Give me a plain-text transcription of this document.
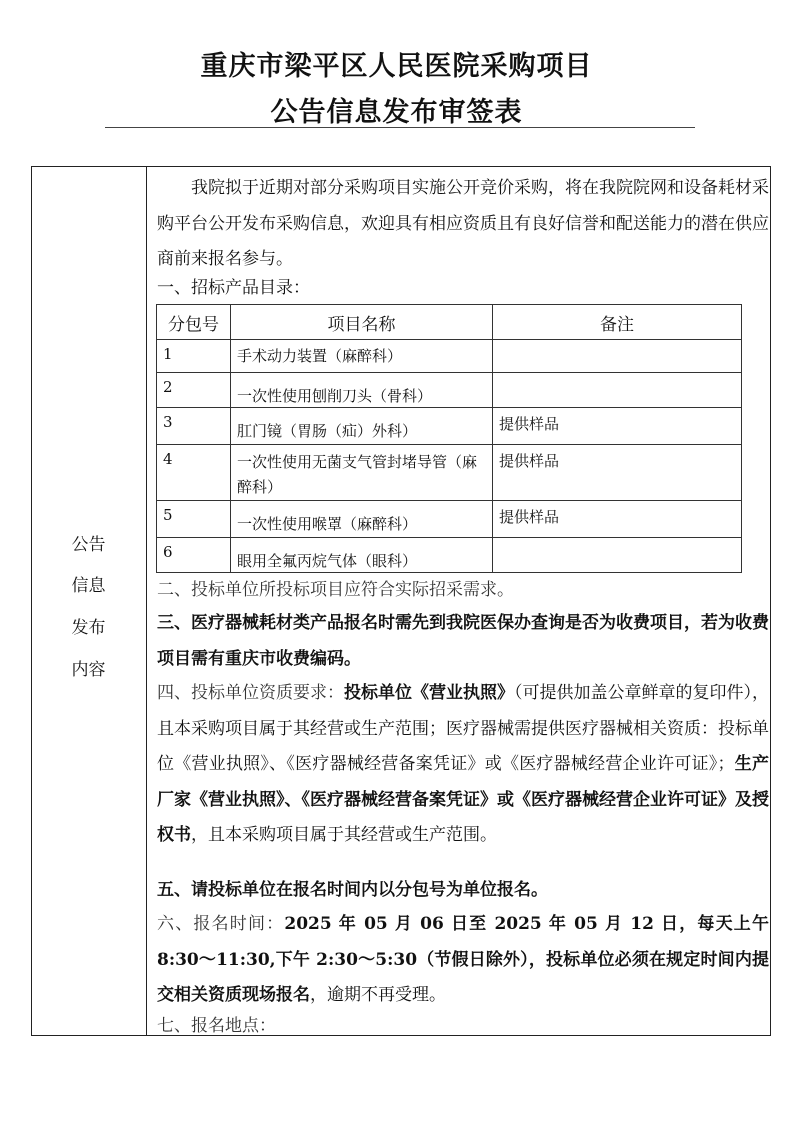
重庆市梁平区人民医院采购项目
公告信息发布审签表
公告
信息
发布
内容
我院拟于近期对部分采购项目实施公开竞价采购，将在我院院网和设备耗材采购平台公开发布采购信息，欢迎具有相应资质且有良好信誉和配送能力的潜在供应商前来报名参与。
一、招标产品目录：
分包号	项目名称	备注
1	手术动力装置（麻醉科）	
2	一次性使用刨削刀头（骨科）	
3	肛门镜（胃肠（疝）外科）	提供样品
4	一次性使用无菌支气管封堵导管（麻醉科）	提供样品
5	一次性使用喉罩（麻醉科）	提供样品
6	眼用全氟丙烷气体（眼科）	
二、投标单位所投标项目应符合实际招采需求。
三、医疗器械耗材类产品报名时需先到我院医保办查询是否为收费项目，若为收费项目需有重庆市收费编码。
四、投标单位资质要求：投标单位《营业执照》（可提供加盖公章鲜章的复印件），且本采购项目属于其经营或生产范围；医疗器械需提供医疗器械相关资质：投标单位《营业执照》、《医疗器械经营备案凭证》或《医疗器械经营企业许可证》；生产厂家《营业执照》、《医疗器械经营备案凭证》或《医疗器械经营企业许可证》及授权书，且本采购项目属于其经营或生产范围。
五、请投标单位在报名时间内以分包号为单位报名。
六、报名时间：2025 年 05 月 06 日至 2025 年 05 月 12 日，每天上午 8:30～11:30,下午 2:30～5:30（节假日除外），投标单位必须在规定时间内提交相关资质现场报名，逾期不再受理。
七、报名地点：
